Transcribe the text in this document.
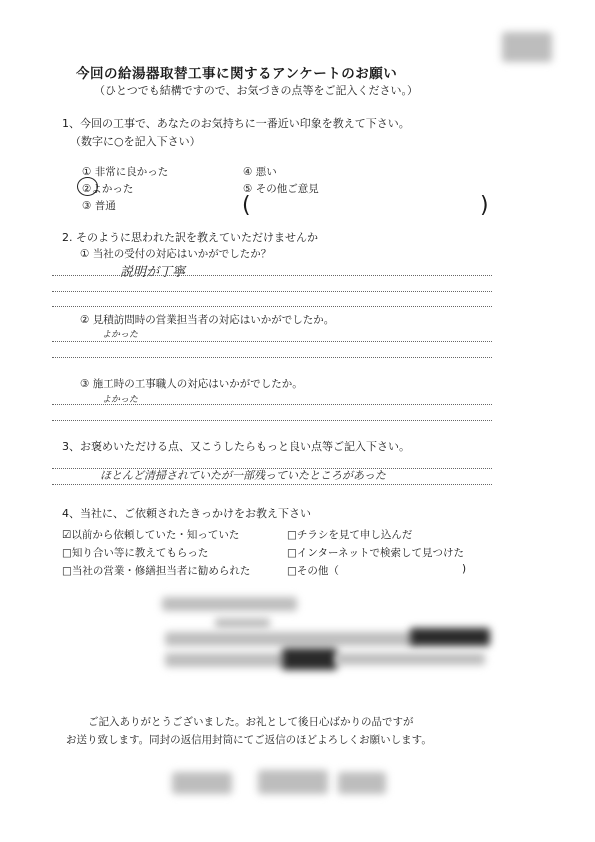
今回の給湯器取替工事に関するアンケートのお願い
（ひとつでも結構ですので、お気づきの点等をご記入ください。）
1、今回の工事で、あなたのお気持ちに一番近い印象を教えて下さい。
（数字に○を記入下さい）
① 非常に良かった
②よかった
③ 普通
④ 悪い
⑤ その他ご意見
(	)
2. そのように思われた訳を教えていただけませんか
① 当社の受付の対応はいかがでしたか？
説明が丁寧
② 見積訪問時の営業担当者の対応はいかがでしたか。
よかった
③ 施工時の工事職人の対応はいかがでしたか。
よかった
3、お褒めいただける点、又こうしたらもっと良い点等ご記入下さい。
ほとんど清掃されていたが一部残っていたところがあった
4、当社に、ご依頼されたきっかけをお教え下さい
☑以前から依頼していた・知っていた
□知り合い等に教えてもらった
□当社の営業・修繕担当者に勧められた
□チラシを見て申し込んだ
□インターネットで検索して見つけた
□その他（	)
ご記入ありがとうございました。お礼として後日心ばかりの品ですが
お送り致します。同封の返信用封筒にてご返信のほどよろしくお願いします。
